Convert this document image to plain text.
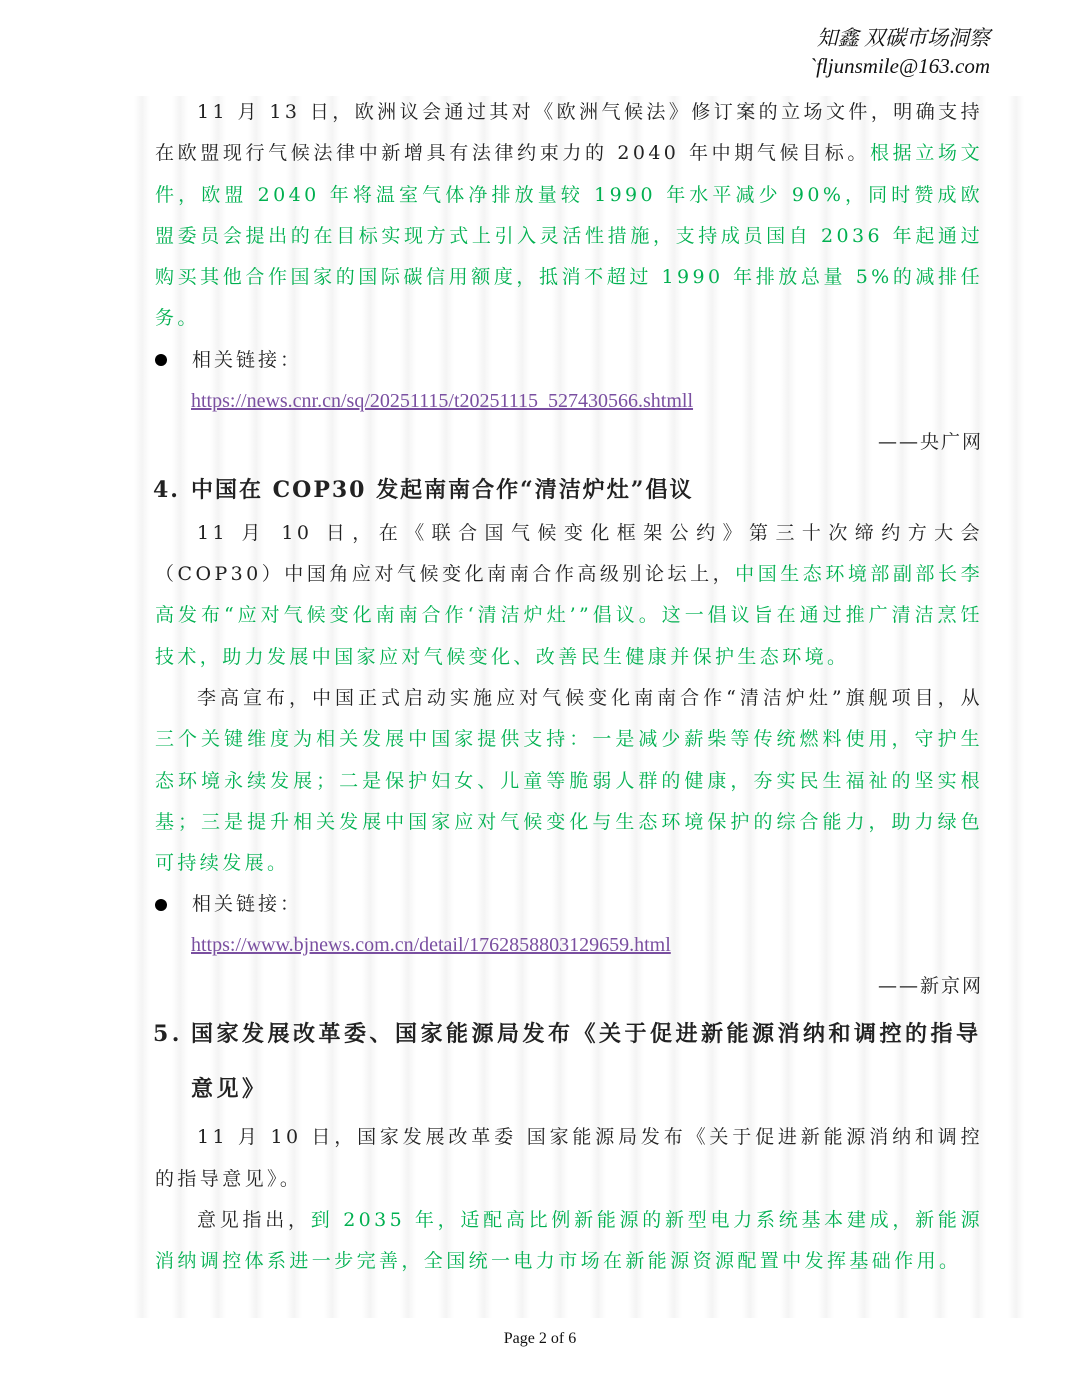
知鑫 双碳市场洞察
`fljunsmile@163.com

11 月 13 日，欧洲议会通过其对《欧洲气候法》修订案的立场文件，明确支持在欧盟现行气候法律中新增具有法律约束力的 2040 年中期气候目标。根据立场文件，欧盟 2040 年将温室气体净排放量较 1990 年水平减少 90%，同时赞成欧盟委员会提出的在目标实现方式上引入灵活性措施，支持成员国自 2036 年起通过购买其他合作国家的国际碳信用额度，抵消不超过 1990 年排放总量 5%的减排任务。

相关链接：
https://news.cnr.cn/sq/20251115/t20251115_527430566.shtmll
——央广网
4. 中国在 COP30 发起南南合作“清洁炉灶”倡议

11 月 10 日，在《联合国气候变化框架公约》第三十次缔约方大会（COP30）中国角应对气候变化南南合作高级别论坛上，中国生态环境部副部长李高发布“应对气候变化南南合作‘清洁炉灶’”倡议。这一倡议旨在通过推广清洁烹饪技术，助力发展中国家应对气候变化、改善民生健康并保护生态环境。

李高宣布，中国正式启动实施应对气候变化南南合作“清洁炉灶”旗舰项目，从三个关键维度为相关发展中国家提供支持：一是减少薪柴等传统燃料使用，守护生态环境永续发展；二是保护妇女、儿童等脆弱人群的健康，夯实民生福祉的坚实根基；三是提升相关发展中国家应对气候变化与生态环境保护的综合能力，助力绿色可持续发展。

相关链接：
https://www.bjnews.com.cn/detail/1762858803129659.html
——新京网
5. 国家发展改革委、国家能源局发布《关于促进新能源消纳和调控的指导意见》

11 月 10 日，国家发展改革委 国家能源局发布《关于促进新能源消纳和调控的指导意见》。

意见指出，到 2035 年，适配高比例新能源的新型电力系统基本建成，新能源消纳调控体系进一步完善，全国统一电力市场在新能源资源配置中发挥基础作用。

Page 2 of 6
